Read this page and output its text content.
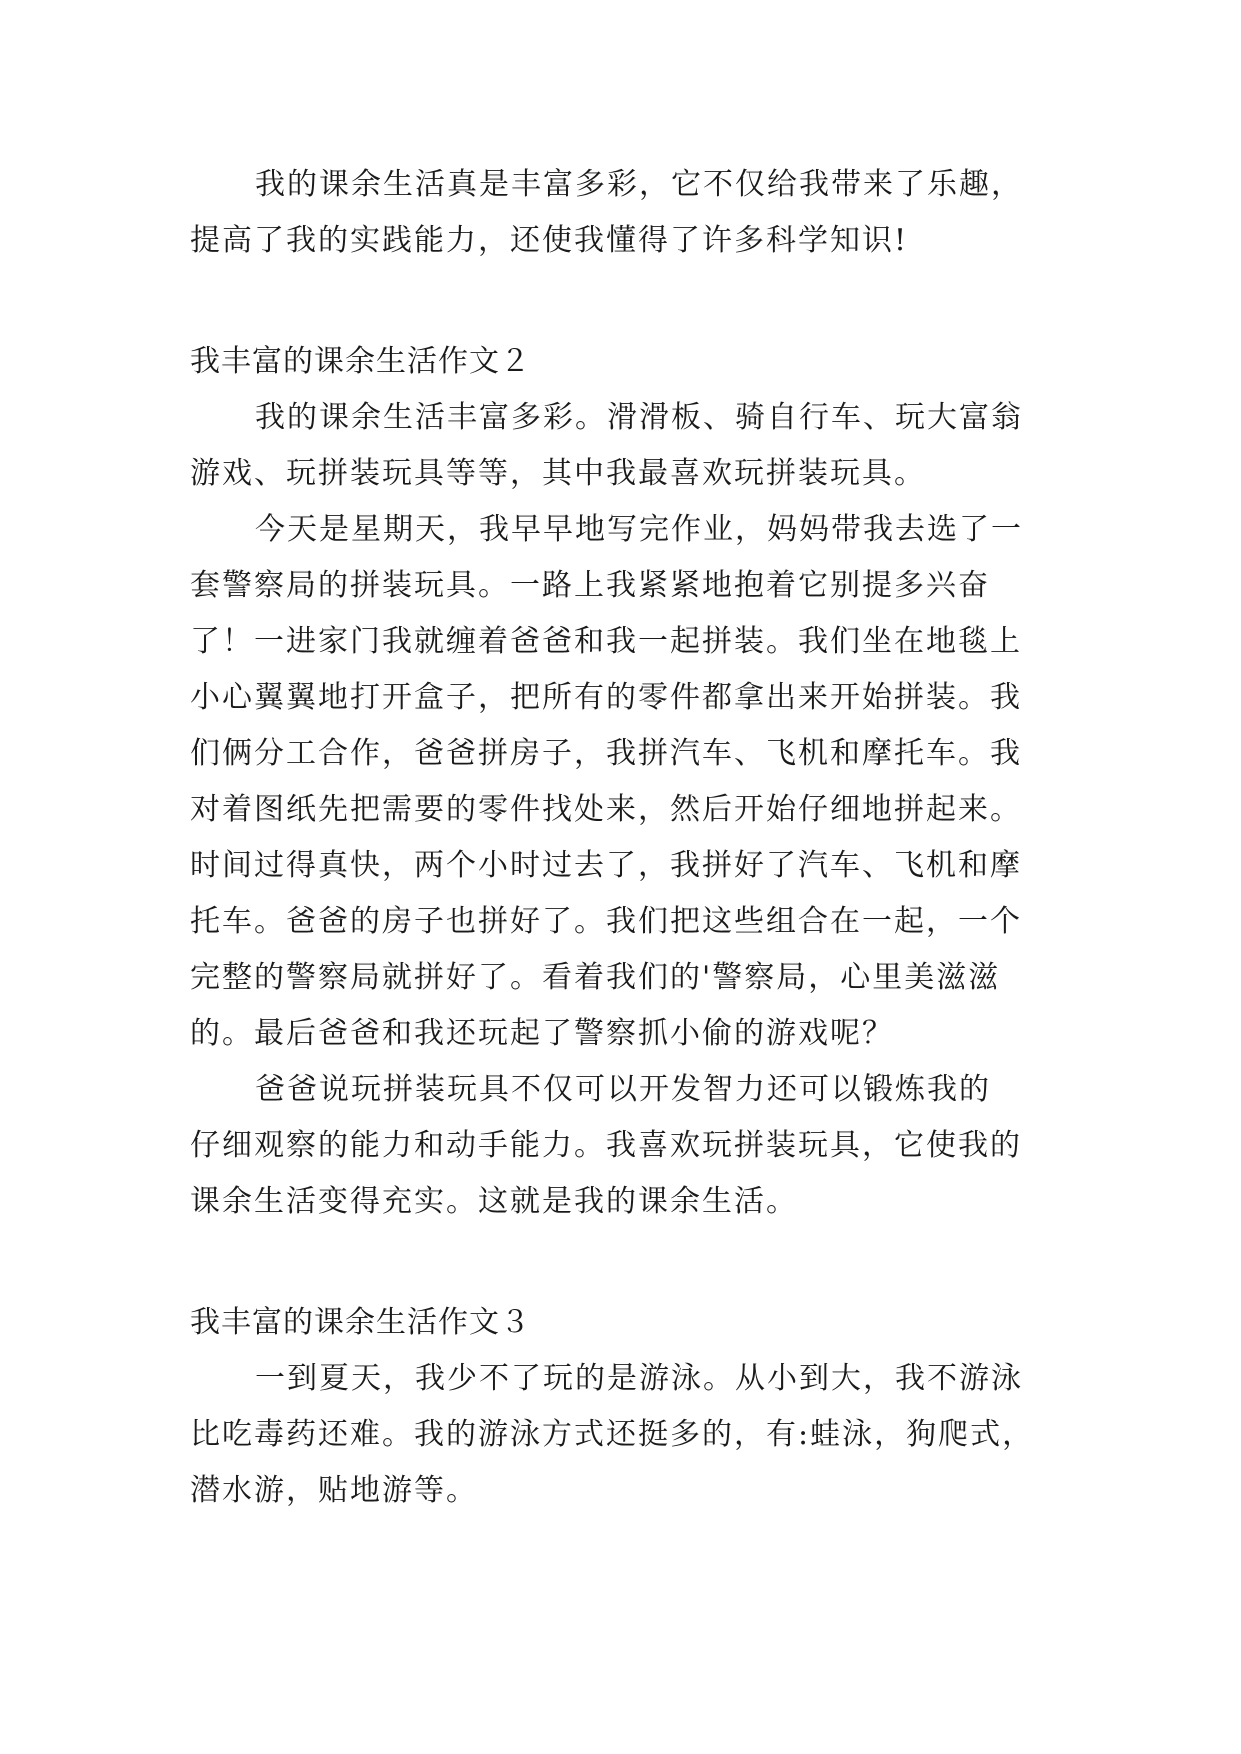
我的课余生活真是丰富多彩，它不仅给我带来了乐趣，
提高了我的实践能力，还使我懂得了许多科学知识!
我丰富的课余生活作文２
我的课余生活丰富多彩。滑滑板、骑自行车、玩大富翁
游戏、玩拼装玩具等等，其中我最喜欢玩拼装玩具。
今天是星期天，我早早地写完作业，妈妈带我去选了一
套警察局的拼装玩具。一路上我紧紧地抱着它别提多兴奋
了！一进家门我就缠着爸爸和我一起拼装。我们坐在地毯上
小心翼翼地打开盒子，把所有的零件都拿出来开始拼装。我
们俩分工合作，爸爸拼房子，我拼汽车、飞机和摩托车。我
对着图纸先把需要的零件找处来，然后开始仔细地拼起来。
时间过得真快，两个小时过去了，我拼好了汽车、飞机和摩
托车。爸爸的房子也拼好了。我们把这些组合在一起，一个
完整的警察局就拼好了。看着我们的'警察局，心里美滋滋
的。最后爸爸和我还玩起了警察抓小偷的游戏呢？
爸爸说玩拼装玩具不仅可以开发智力还可以锻炼我的
仔细观察的能力和动手能力。我喜欢玩拼装玩具，它使我的
课余生活变得充实。这就是我的课余生活。
我丰富的课余生活作文３
一到夏天，我少不了玩的是游泳。从小到大，我不游泳
比吃毒药还难。我的游泳方式还挺多的，有:蛙泳，狗爬式，
潜水游，贴地游等。
